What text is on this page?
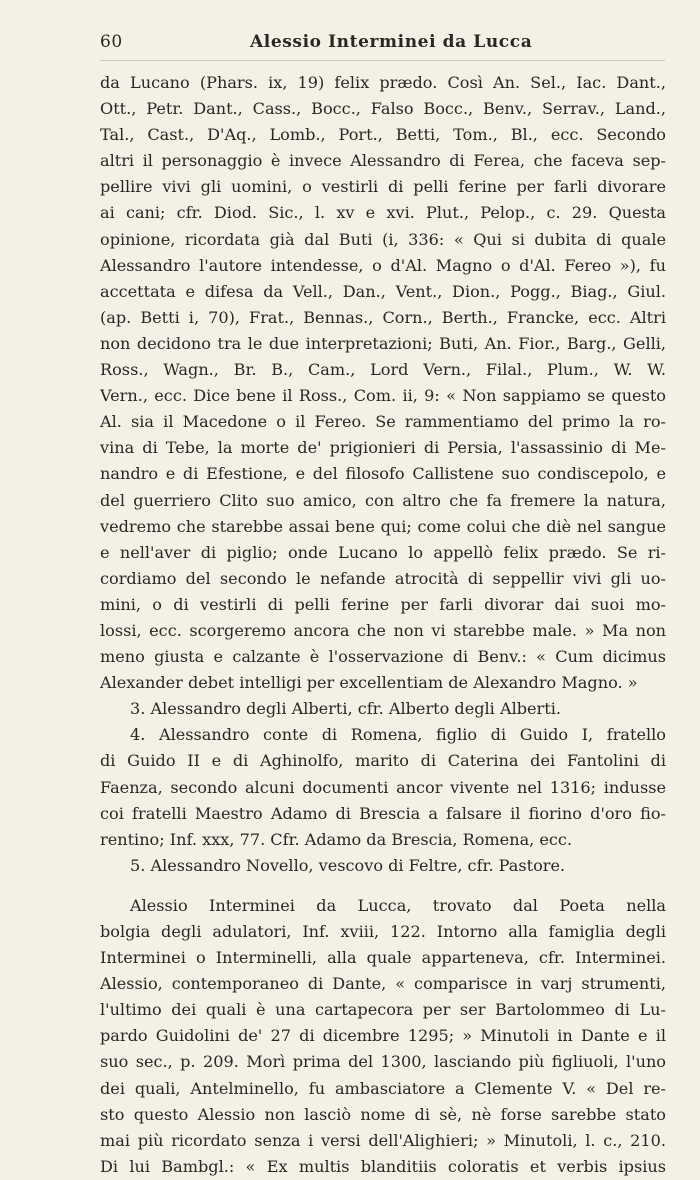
60	Alessio Interminei da Lucca
da Lucano (Phars. ix, 19) felix prædo. Così An. Sel., Iac. Dant.,
Ott., Petr. Dant., Cass., Bocc., Falso Bocc., Benv., Serrav., Land.,
Tal., Cast., D'Aq., Lomb., Port., Betti, Tom., Bl., ecc. Secondo
altri il personaggio è invece Alessandro di Ferea, che faceva sep-
pellire vivi gli uomini, o vestirli di pelli ferine per farli divorare
ai cani; cfr. Diod. Sic., l. xv e xvi. Plut., Pelop., c. 29. Questa
opinione, ricordata già dal Buti (i, 336: « Qui si dubita di quale
Alessandro l'autore intendesse, o d'Al. Magno o d'Al. Fereo »), fu
accettata e difesa da Vell., Dan., Vent., Dion., Pogg., Biag., Giul.
(ap. Betti i, 70), Frat., Bennas., Corn., Berth., Francke, ecc. Altri
non decidono tra le due interpretazioni; Buti, An. Fior., Barg., Gelli,
Ross., Wagn., Br. B., Cam., Lord Vern., Filal., Plum., W. W.
Vern., ecc. Dice bene il Ross., Com. ii, 9: « Non sappiamo se questo
Al. sia il Macedone o il Fereo. Se rammentiamo del primo la ro-
vina di Tebe, la morte de' prigionieri di Persia, l'assassinio di Me-
nandro e di Efestione, e del filosofo Callistene suo condiscepolo, e
del guerriero Clito suo amico, con altro che fa fremere la natura,
vedremo che starebbe assai bene qui; come colui che diè nel sangue
e nell'aver di piglio; onde Lucano lo appellò felix prædo. Se ri-
cordiamo del secondo le nefande atrocità di seppellir vivi gli uo-
mini, o di vestirli di pelli ferine per farli divorar dai suoi mo-
lossi, ecc. scorgeremo ancora che non vi starebbe male. » Ma non
meno giusta e calzante è l'osservazione di Benv.: « Cum dicimus
Alexander debet intelligi per excellentiam de Alexandro Magno. »
3. Alessandro degli Alberti, cfr. Alberto degli Alberti.
4. Alessandro conte di Romena, figlio di Guido I, fratello
di Guido II e di Aghinolfo, marito di Caterina dei Fantolini di
Faenza, secondo alcuni documenti ancor vivente nel 1316; indusse
coi fratelli Maestro Adamo di Brescia a falsare il fiorino d'oro fio-
rentino; Inf. xxx, 77. Cfr. Adamo da Brescia, Romena, ecc.
5. Alessandro Novello, vescovo di Feltre, cfr. Pastore.
Alessio Interminei da Lucca, trovato dal Poeta nella
bolgia degli adulatori, Inf. xviii, 122. Intorno alla famiglia degli
Interminei o Interminelli, alla quale apparteneva, cfr. Interminei.
Alessio, contemporaneo di Dante, « comparisce in varj strumenti,
l'ultimo dei quali è una cartapecora per ser Bartolommeo di Lu-
pardo Guidolini de' 27 di dicembre 1295; » Minutoli in Dante e il
suo sec., p. 209. Morì prima del 1300, lasciando più figliuoli, l'uno
dei quali, Antelminello, fu ambasciatore a Clemente V. « Del re-
sto questo Alessio non lasciò nome di sè, nè forse sarebbe stato
mai più ricordato senza i versi dell'Alighieri; » Minutoli, l. c., 210.
Di lui Bambgl.: « Ex multis blanditiis coloratis et verbis ipsius
